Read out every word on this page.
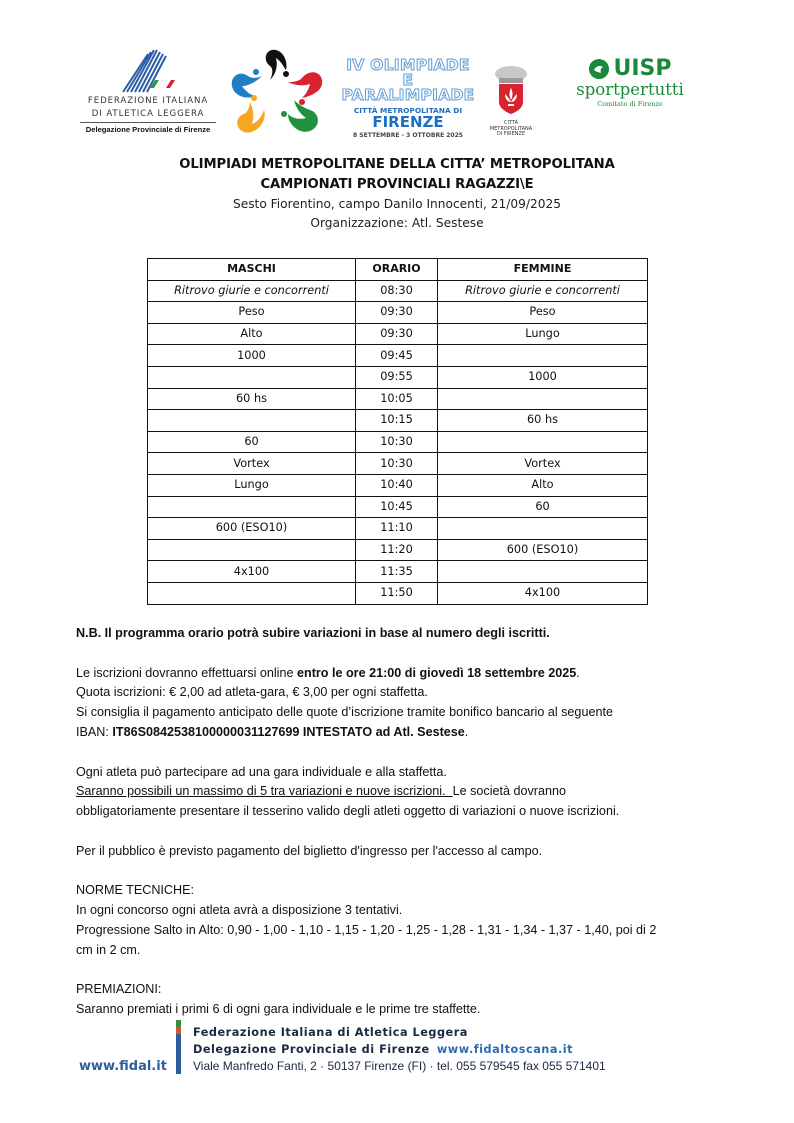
FEDERAZIONE ITALIANA
DI ATLETICA LEGGERA
Delegazione Provinciale di Firenze
IV OLIMPIADE E
PARALIMPIADE
CITTÀ METROPOLITANA DI
FIRENZE
8 SETTEMBRE - 3 OTTOBRE 2025
CITTÀ METROPOLITANA
DI FIRENZE
UISP
sportpertutti
Comitato di Firenze
OLIMPIADI METROPOLITANE DELLA CITTA’ METROPOLITANA
CAMPIONATI PROVINCIALI RAGAZZI\E
Sesto Fiorentino, campo Danilo Innocenti, 21/09/2025
Organizzazione: Atl. Sestese
MASCHI	ORARIO	FEMMINE
Ritrovo giurie e concorrenti	08:30	Ritrovo giurie e concorrenti
Peso	09:30	Peso
Alto	09:30	Lungo
1000	09:45	
	09:55	1000
60 hs	10:05	
	10:15	60 hs
60	10:30	
Vortex	10:30	Vortex
Lungo	10:40	Alto
	10:45	60
600 (ESO10)	11:10	
	11:20	600 (ESO10)
4x100	11:35	
	11:50	4x100

N.B. Il programma orario potrà subire variazioni in base al numero degli iscritti.

Le iscrizioni dovranno effettuarsi online entro le ore 21:00 di giovedì 18 settembre 2025.

Quota iscrizioni: € 2,00 ad atleta-gara, € 3,00 per ogni staffetta.

Si consiglia il pagamento anticipato delle quote d’iscrizione tramite bonifico bancario al seguente

IBAN: IT86S0842538100000031127699 INTESTATO ad Atl. Sestese.

Ogni atleta può partecipare ad una gara individuale e alla staffetta.

Saranno possibili un massimo di 5 tra variazioni e nuove iscrizioni.  Le società dovranno

obbligatoriamente presentare il tesserino valido degli atleti oggetto di variazioni o nuove iscrizioni.

Per il pubblico è previsto pagamento del biglietto d'ingresso per l'accesso al campo.

NORME TECNICHE:

In ogni concorso ogni atleta avrà a disposizione 3 tentativi.

Progressione Salto in Alto: 0,90 - 1,00 - 1,10 - 1,15 - 1,20 - 1,25 - 1,28 - 1,31 - 1,34 - 1,37 - 1,40, poi di 2

cm in 2 cm.

PREMIAZIONI:

Saranno premiati i primi 6 di ogni gara individuale e le prime tre staffette.

www.fidal.it
Federazione Italiana di Atletica Leggera
Delegazione Provinciale di Firenze www.fidaltoscana.it
Viale Manfredo Fanti, 2 · 50137 Firenze (FI) · tel. 055 579545 fax 055 571401
